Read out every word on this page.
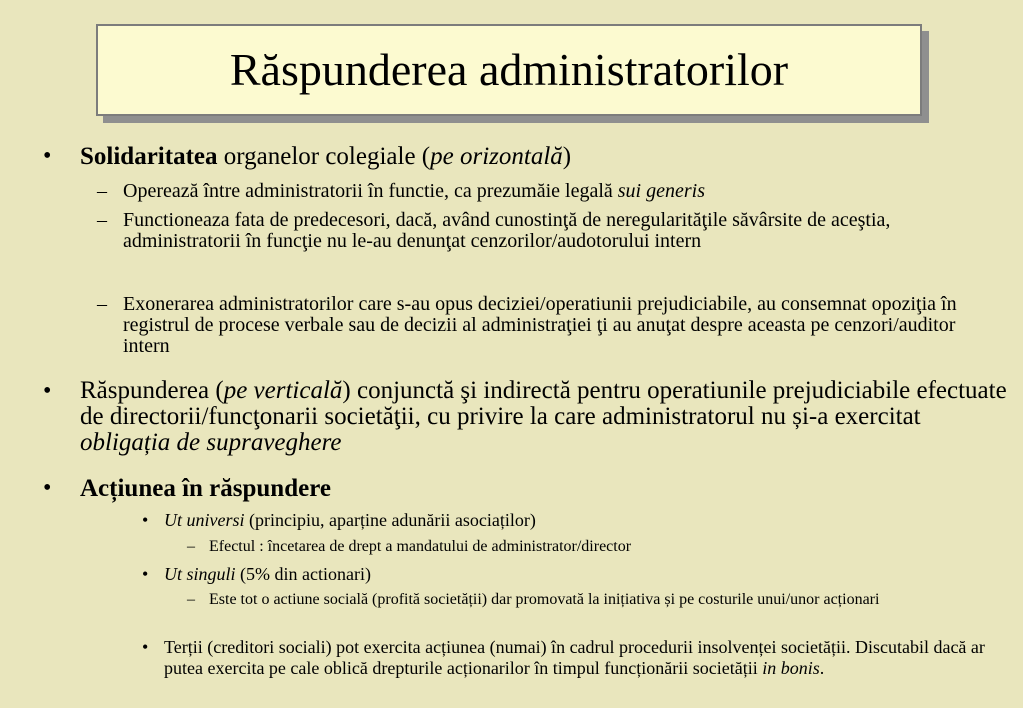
Răspunderea administratorilor

• Solidaritatea organelor colegiale (pe orizontală)

– Operează între administratorii în functie, ca prezumăie legală sui generis

– Functioneaza fata de predecesori, dacă, având cunostinţă de neregularităţile săvârsite de aceştia, administratorii în funcţie nu le-au denunţat cenzorilor/audotorului intern

– Exonerarea administratorilor care s-au opus deciziei/operatiunii prejudiciabile, au consemnat opoziţia în registrul de procese verbale sau de decizii al administraţiei ţi au anuţat despre aceasta pe cenzori/auditor intern

• Răspunderea (pe verticală) conjunctă şi indirectă pentru operatiunile prejudiciabile efectuate de directorii/funcţonarii societăţii, cu privire la care administratorul nu și-a exercitat obligația de supraveghere

• Acțiunea în răspundere

• Ut universi (principiu, aparține adunării asociaților)

– Efectul : încetarea de drept a mandatului de administrator/director

• Ut singuli (5% din actionari)

– Este tot o actiune socială (profită societății) dar promovată la inițiativa și pe costurile unui/unor acționari

• Terții (creditori sociali) pot exercita acțiunea (numai) în cadrul procedurii insolvenței societății. Discutabil dacă ar putea exercita pe cale oblică drepturile acționarilor în timpul funcționării societății in bonis.
